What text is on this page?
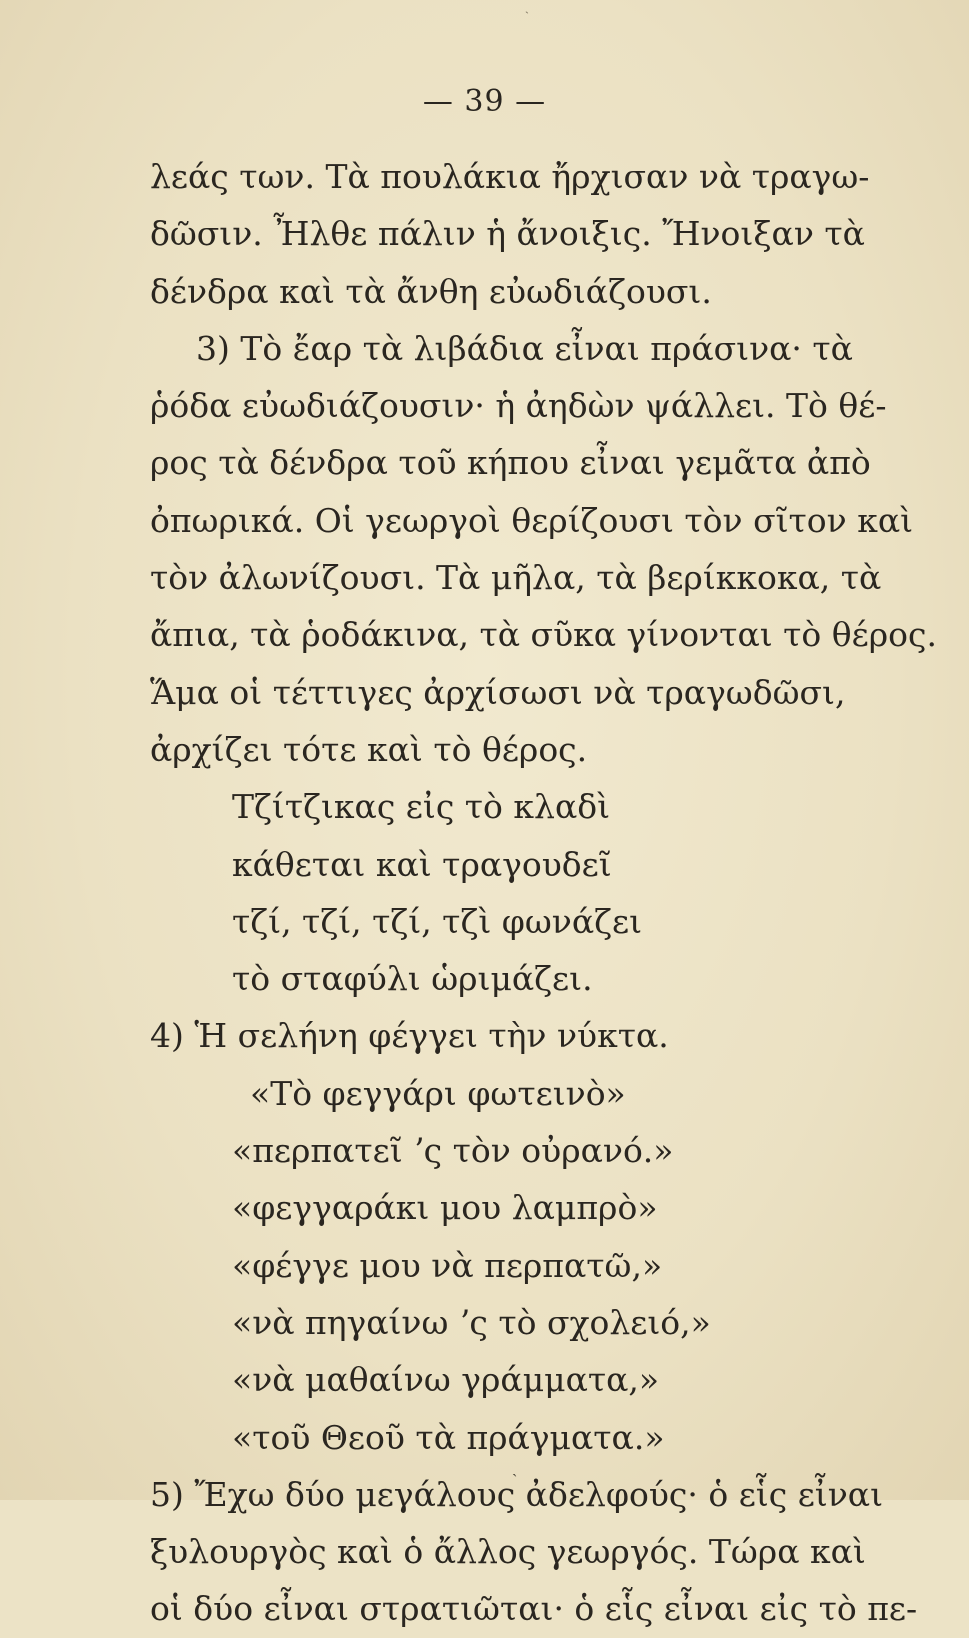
ˎ
— 39 —
λεάς των. Τὰ πουλάκια ἤρχισαν νὰ τραγω-
δῶσιν. Ἦλθε πάλιν ἡ ἄνοιξις. Ἤνοιξαν τὰ
δένδρα καὶ τὰ ἄνθη εὐωδιάζουσι.
3) Τὸ ἔαρ τὰ λιβάδια εἶναι πράσινα· τὰ
ῥόδα εὐωδιάζουσιν· ἡ ἀηδὼν ψάλλει. Τὸ θέ-
ρος τὰ δένδρα τοῦ κήπου εἶναι γεμᾶτα ἀπὸ
ὀπωρικά. Οἱ γεωργοὶ θερίζουσι τὸν σῖτον καὶ
τὸν ἀλωνίζουσι. Τὰ μῆλα, τὰ βερίκκοκα, τὰ
ἄπια, τὰ ῥοδάκινα, τὰ σῦκα γίνονται τὸ θέρος.
Ἅμα οἱ τέττιγες ἀρχίσωσι νὰ τραγωδῶσι,
ἀρχίζει τότε καὶ τὸ θέρος.
Τζίτζικας εἰς τὸ κλαδὶ
κάθεται καὶ τραγουδεῖ
τζί, τζί, τζί, τζὶ φωνάζει
τὸ σταφύλι ὡριμάζει.
4) Ἡ σελήνη φέγγει τὴν νύκτα.
«Τὸ φεγγάρι φωτεινὸ»
«περπατεῖ ʼς τὸν οὐρανό.»
«φεγγαράκι μου λαμπρὸ»
«φέγγε μου νὰ περπατῶ,»
«νὰ πηγαίνω ʼς τὸ σχολειό,»
«νὰ μαθαίνω γράμματα,»
«τοῦ Θεοῦ τὰ πράγματα.»
5) Ἔχω δύο μεγάλους ἀδελφούς· ὁ εἷς εἶναι
ξυλουργὸς καὶ ὁ ἄλλος γεωργός. Τώρα καὶ
οἱ δύο εἶναι στρατιῶται· ὁ εἷς εἶναι εἰς τὸ πε-
ˎ
